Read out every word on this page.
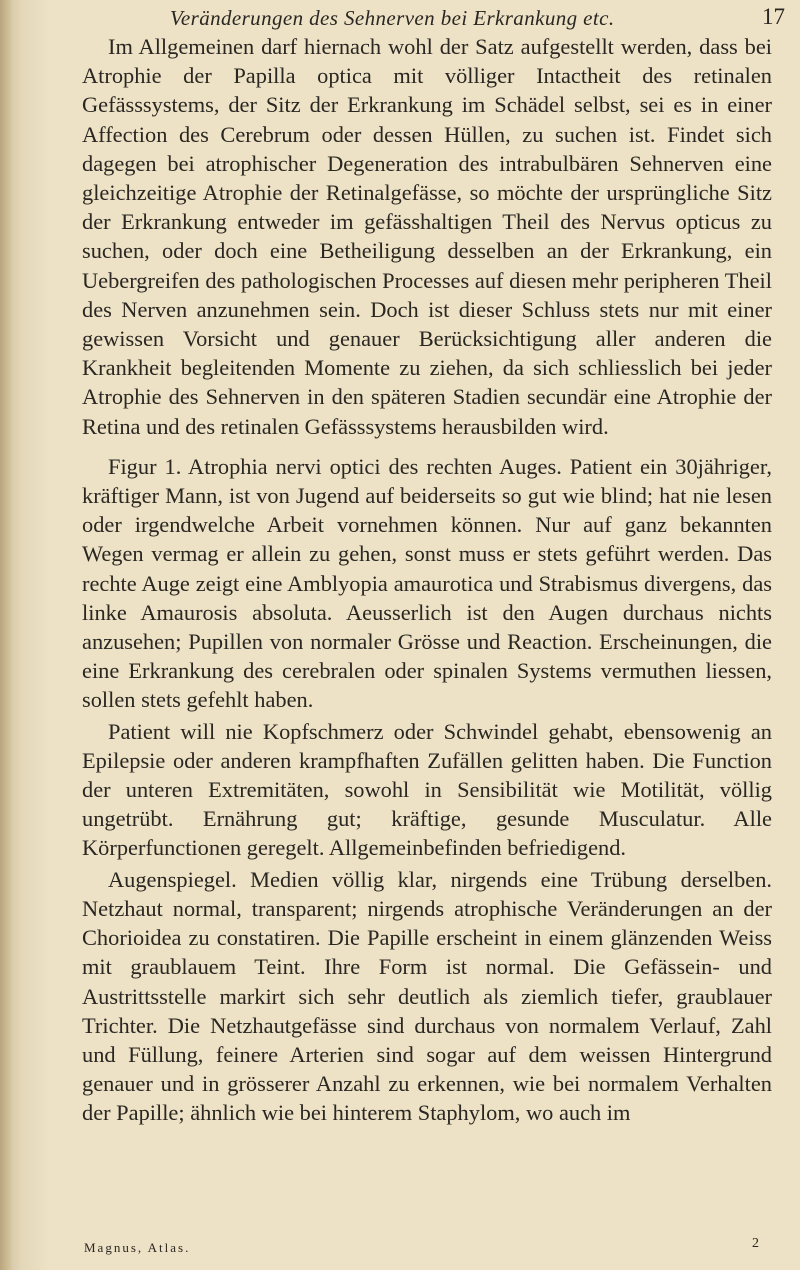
Veränderungen des Sehnerven bei Erkrankung etc.	17

Im Allgemeinen darf hiernach wohl der Satz aufgestellt werden, dass bei Atrophie der Papilla optica mit völliger Intactheit des retinalen Gefässsystems, der Sitz der Erkrankung im Schädel selbst, sei es in einer Affection des Cerebrum oder dessen Hüllen, zu suchen ist. Findet sich dagegen bei atrophischer Degeneration des intrabulbären Sehnerven eine gleichzeitige Atrophie der Retinalgefässe, so möchte der ursprüngliche Sitz der Erkrankung entweder im gefässhaltigen Theil des Nervus opticus zu suchen, oder doch eine Betheiligung desselben an der Erkrankung, ein Uebergreifen des pathologischen Processes auf diesen mehr peripheren Theil des Nerven anzunehmen sein. Doch ist dieser Schluss stets nur mit einer gewissen Vorsicht und genauer Berücksichtigung aller anderen die Krankheit begleitenden Momente zu ziehen, da sich schliesslich bei jeder Atrophie des Sehnerven in den späteren Stadien secundär eine Atrophie der Retina und des retinalen Gefässsystems herausbilden wird.

Figur 1. Atrophia nervi optici des rechten Auges. Patient ein 30jähriger, kräftiger Mann, ist von Jugend auf beiderseits so gut wie blind; hat nie lesen oder irgendwelche Arbeit vornehmen können. Nur auf ganz bekannten Wegen vermag er allein zu gehen, sonst muss er stets geführt werden. Das rechte Auge zeigt eine Amblyopia amaurotica und Strabismus divergens, das linke Amaurosis absoluta. Aeusserlich ist den Augen durchaus nichts anzusehen; Pupillen von normaler Grösse und Reaction. Erscheinungen, die eine Erkrankung des cerebralen oder spinalen Systems vermuthen liessen, sollen stets gefehlt haben.

Patient will nie Kopfschmerz oder Schwindel gehabt, ebensowenig an Epilepsie oder anderen krampfhaften Zufällen gelitten haben. Die Function der unteren Extremitäten, sowohl in Sensibilität wie Motilität, völlig ungetrübt. Ernährung gut; kräftige, gesunde Musculatur. Alle Körperfunctionen geregelt. Allgemeinbefinden befriedigend.

Augenspiegel. Medien völlig klar, nirgends eine Trübung derselben. Netzhaut normal, transparent; nirgends atrophische Veränderungen an der Chorioidea zu constatiren. Die Papille erscheint in einem glänzenden Weiss mit graublauem Teint. Ihre Form ist normal. Die Gefässein- und Austrittsstelle markirt sich sehr deutlich als ziemlich tiefer, graublauer Trichter. Die Netzhautgefässe sind durchaus von normalem Verlauf, Zahl und Füllung, feinere Arterien sind sogar auf dem weissen Hintergrund genauer und in grösserer Anzahl zu erkennen, wie bei normalem Verhalten der Papille; ähnlich wie bei hinterem Staphylom, wo auch im

Magnus, Atlas.	2
